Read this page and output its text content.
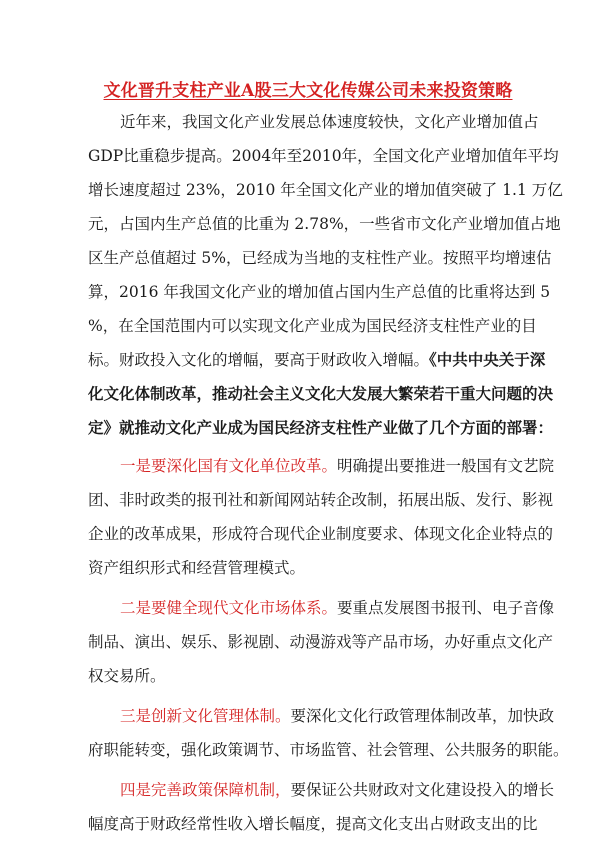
文化晋升支柱产业A股三大文化传媒公司未来投资策略
近年来，我国文化产业发展总体速度较快，文化产业增加值占
GDP比重稳步提高。2004年至2010年，全国文化产业增加值年平均
增长速度超过 23%，2010 年全国文化产业的增加值突破了 1.1 万亿
元，占国内生产总值的比重为 2.78%，一些省市文化产业增加值占地
区生产总值超过 5%，已经成为当地的支柱性产业。按照平均增速估
算，2016 年我国文化产业的增加值占国内生产总值的比重将达到 5
%，在全国范围内可以实现文化产业成为国民经济支柱性产业的目
标。财政投入文化的增幅，要高于财政收入增幅。《中共中央关于深
化文化体制改革，推动社会主义文化大发展大繁荣若干重大问题的决
定》就推动文化产业成为国民经济支柱性产业做了几个方面的部署：
一是要深化国有文化单位改革。明确提出要推进一般国有文艺院
团、非时政类的报刊社和新闻网站转企改制，拓展出版、发行、影视
企业的改革成果，形成符合现代企业制度要求、体现文化企业特点的
资产组织形式和经营管理模式。
二是要健全现代文化市场体系。要重点发展图书报刊、电子音像
制品、演出、娱乐、影视剧、动漫游戏等产品市场，办好重点文化产
权交易所。
三是创新文化管理体制。要深化文化行政管理体制改革，加快政
府职能转变，强化政策调节、市场监管、社会管理、公共服务的职能。
四是完善政策保障机制，要保证公共财政对文化建设投入的增长
幅度高于财政经常性收入增长幅度，提高文化支出占财政支出的比
